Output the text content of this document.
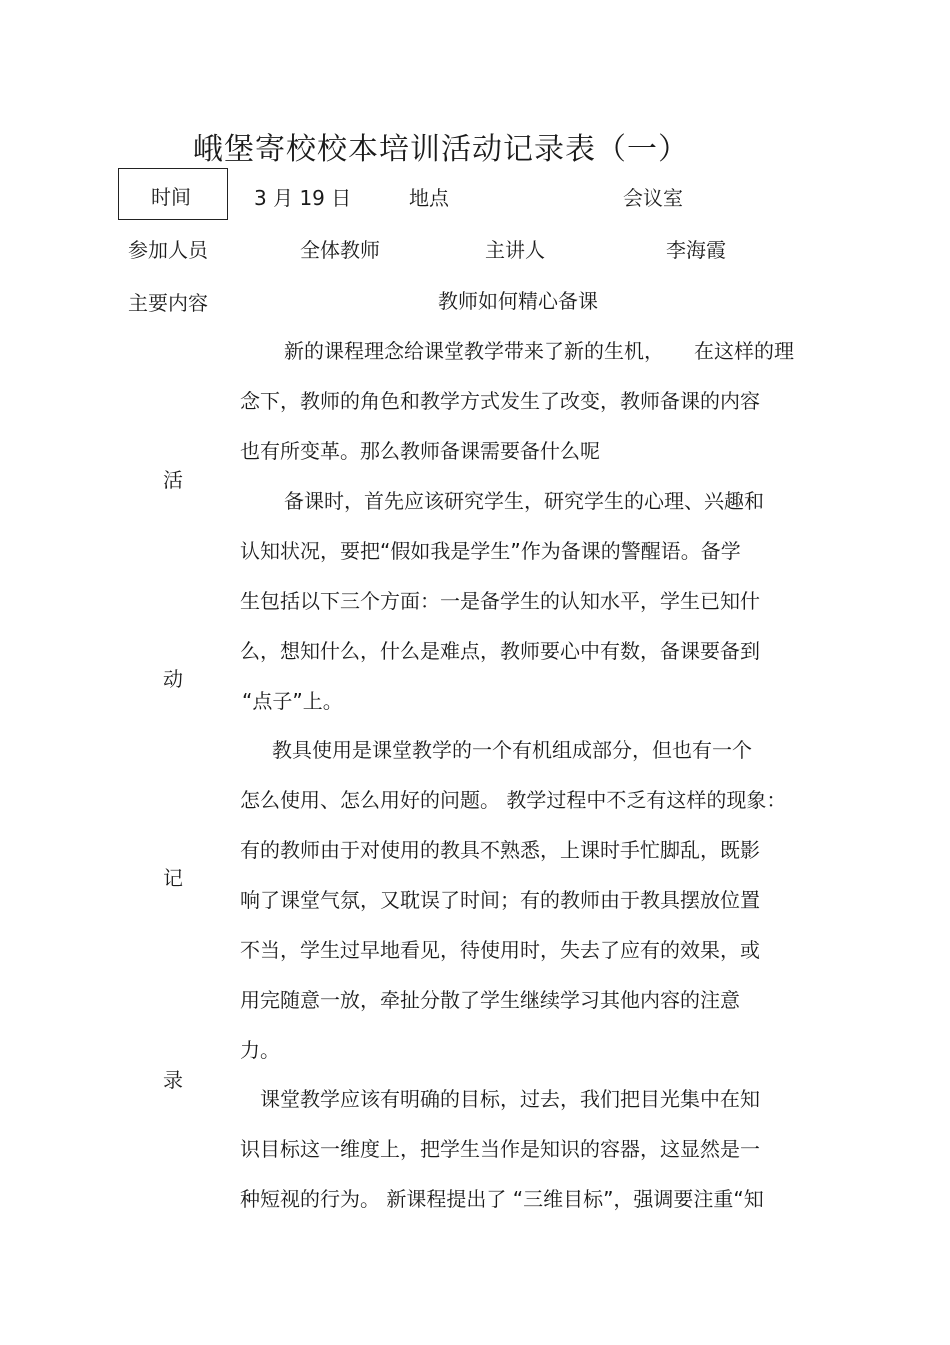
峨堡寄校校本培训活动记录表（一）
时间	3 月 19 日	地点	会议室
参加人员	全体教师	主讲人	李海霞
主要内容	教师如何精心备课
活
动
记
录
新的课程理念给课堂教学带来了新的生机，　　在这样的理
念下，教师的角色和教学方式发生了改变，教师备课的内容
也有所变革。那么教师备课需要备什么呢
备课时，首先应该研究学生，研究学生的心理、兴趣和
认知状况，要把“假如我是学生”作为备课的警醒语。备学
生包括以下三个方面：一是备学生的认知水平，学生已知什
么，想知什么，什么是难点，教师要心中有数，备课要备到
“点子”上。
教具使用是课堂教学的一个有机组成部分，但也有一个
怎么使用、怎么用好的问题。 教学过程中不乏有这样的现象：
有的教师由于对使用的教具不熟悉，上课时手忙脚乱，既影
响了课堂气氛，又耽误了时间；有的教师由于教具摆放位置
不当，学生过早地看见，待使用时，失去了应有的效果，或
用完随意一放，牵扯分散了学生继续学习其他内容的注意
力。
课堂教学应该有明确的目标，过去，我们把目光集中在知
识目标这一维度上，把学生当作是知识的容器，这显然是一
种短视的行为。 新课程提出了 “三维目标”，强调要注重“知
